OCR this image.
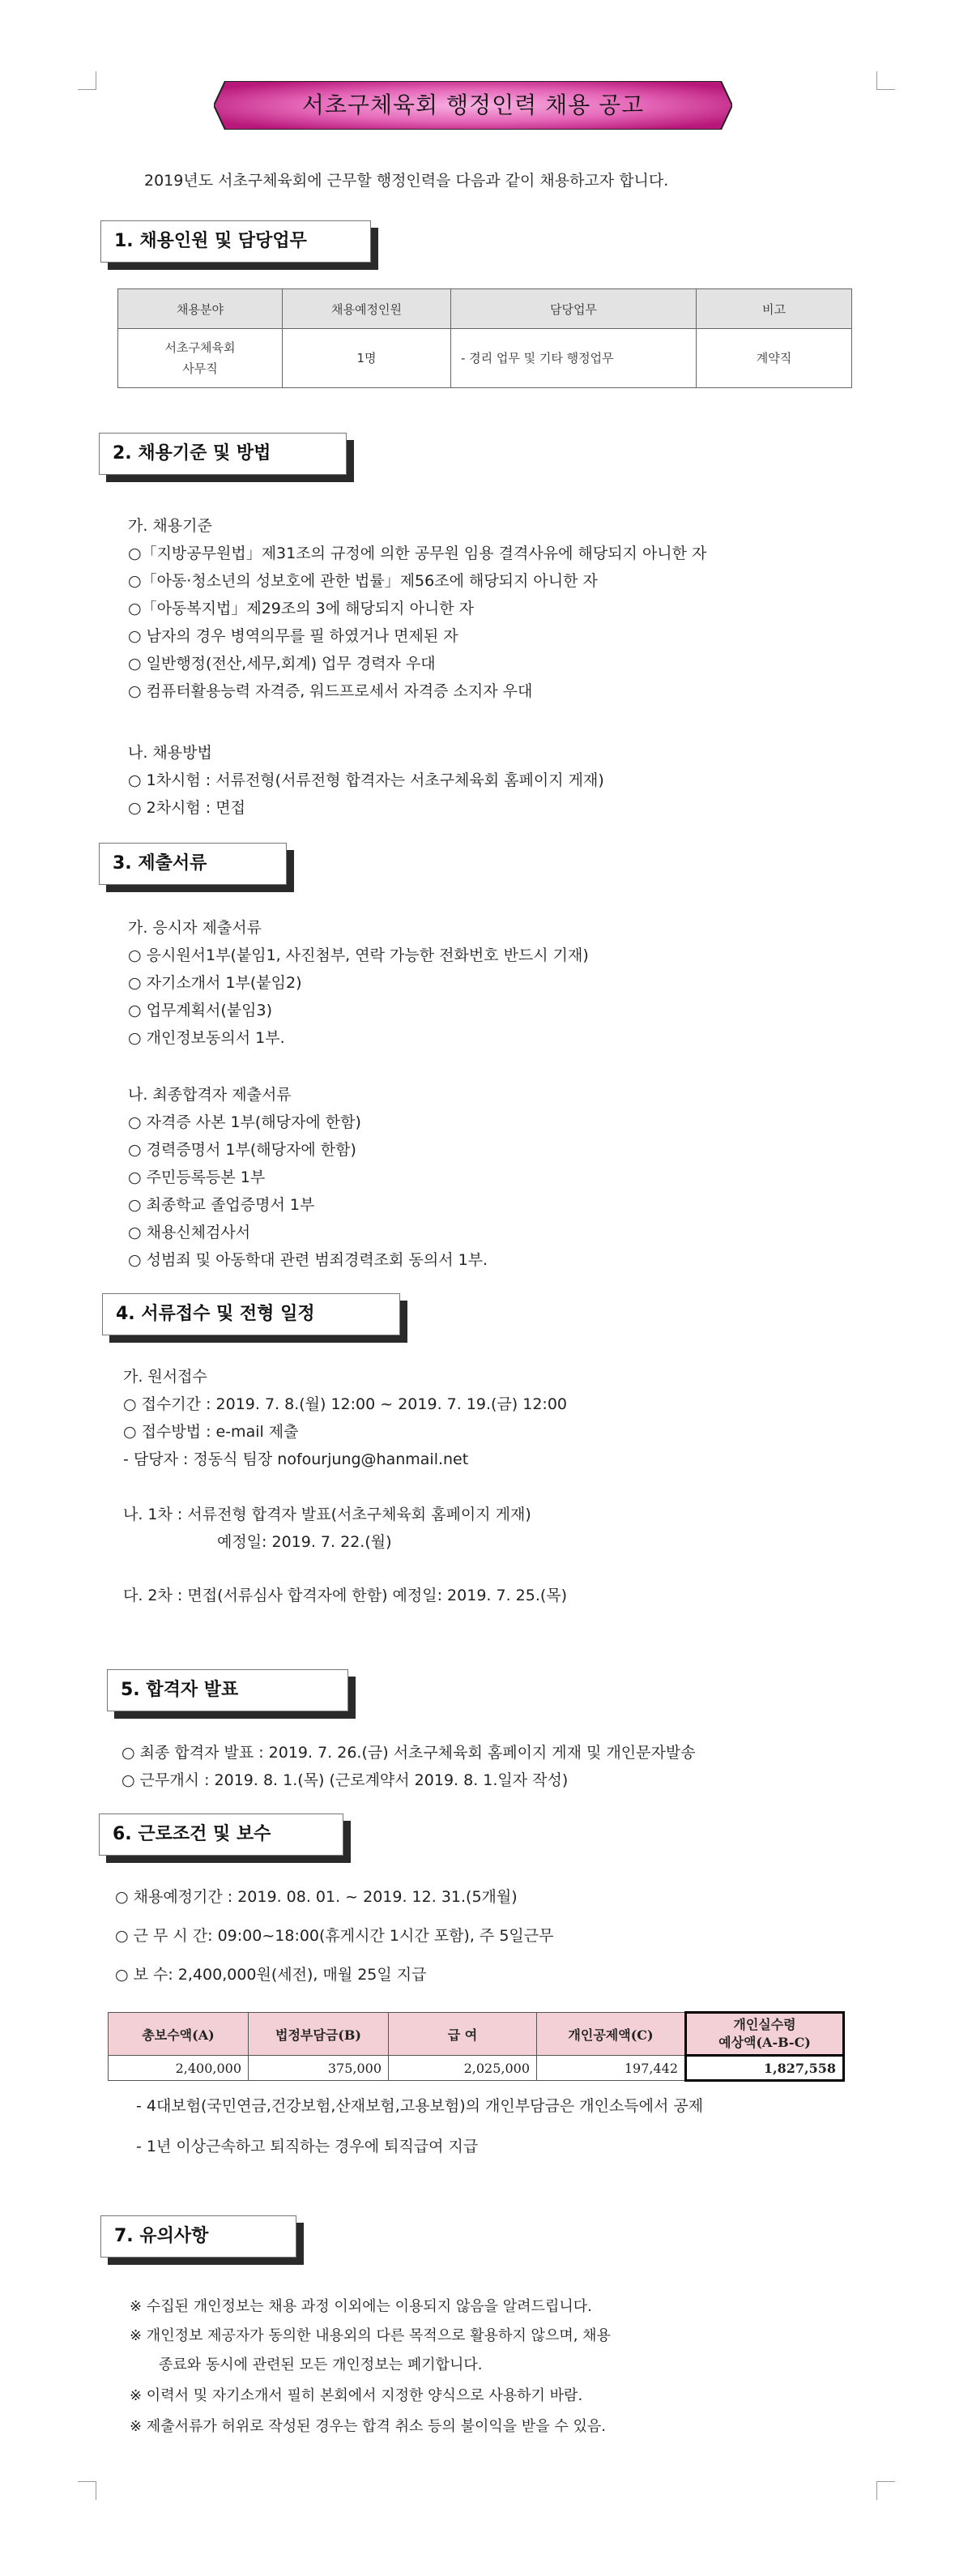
서초구체육회 행정인력 채용 공고
2019년도 서초구체육회에 근무할 행정인력을 다음과 같이 채용하고자 합니다.
1. 채용인원 및 담당업무
채용분야	채용예정인원	담당업무	비고

서초구체육회
사무직	1명	- 경리 업무 및 기타 행정업무	계약직
2. 채용기준 및 방법
가. 채용기준
○「지방공무원법」제31조의 규정에 의한 공무원 임용 결격사유에 해당되지 아니한 자
○「아동·청소년의 성보호에 관한 법률」제56조에 해당되지 아니한 자
○「아동복지법」제29조의 3에 해당되지 아니한 자
○ 남자의 경우 병역의무를 필 하였거나 면제된 자
○ 일반행정(전산,세무,회계) 업무 경력자 우대
○ 컴퓨터활용능력 자격증, 워드프로세서 자격증 소지자 우대
나. 채용방법
○ 1차시험 : 서류전형(서류전형 합격자는 서초구체육회 홈페이지 게재)
○ 2차시험 : 면접
3. 제출서류
가. 응시자 제출서류
○ 응시원서1부(붙임1, 사진첨부, 연락 가능한 전화번호 반드시 기재)
○ 자기소개서 1부(붙임2)
○ 업무계획서(붙임3)
○ 개인정보동의서 1부.
나. 최종합격자 제출서류
○ 자격증 사본 1부(해당자에 한함)
○ 경력증명서 1부(해당자에 한함)
○ 주민등록등본 1부
○ 최종학교 졸업증명서 1부
○ 채용신체검사서
○ 성범죄 및 아동학대 관련 범죄경력조회 동의서 1부.
4. 서류접수 및 전형 일정
가. 원서접수
○ 접수기간 : 2019. 7. 8.(월) 12:00 ~ 2019. 7. 19.(금) 12:00
○ 접수방법 : e-mail 제출
- 담당자 : 정동식 팀장 nofourjung@hanmail.net
나. 1차 : 서류전형 합격자 발표(서초구체육회 홈페이지 게재)
예정일: 2019. 7. 22.(월)
다. 2차 : 면접(서류심사 합격자에 한함) 예정일: 2019. 7. 25.(목)
5. 합격자 발표
○ 최종 합격자 발표 : 2019. 7. 26.(금) 서초구체육회 홈페이지 게재 및 개인문자발송
○ 근무개시 : 2019. 8. 1.(목) (근로계약서 2019. 8. 1.일자 작성)
6. 근로조건 및 보수
○ 채용예정기간 : 2019. 08. 01. ~ 2019. 12. 31.(5개월)
○ 근 무 시 간: 09:00~18:00(휴게시간 1시간 포함), 주 5일근무
○ 보 수: 2,400,000원(세전), 매월 25일 지급
총보수액(A)	법정부담금(B)	급 여	개인공제액(C)	개인실수령
예상액(A-B-C)

2,400,000	375,000	2,025,000	197,442	1,827,558
- 4대보험(국민연금,건강보험,산재보험,고용보험)의 개인부담금은 개인소득에서 공제
- 1년 이상근속하고 퇴직하는 경우에 퇴직급여 지급
7. 유의사항
※ 수집된 개인정보는 채용 과정 이외에는 이용되지 않음을 알려드립니다.
※ 개인정보 제공자가 동의한 내용외의 다른 목적으로 활용하지 않으며, 채용
종료와 동시에 관련된 모든 개인정보는 폐기합니다.
※ 이력서 및 자기소개서 필히 본회에서 지정한 양식으로 사용하기 바람.
※ 제출서류가 허위로 작성된 경우는 합격 취소 등의 불이익을 받을 수 있음.
